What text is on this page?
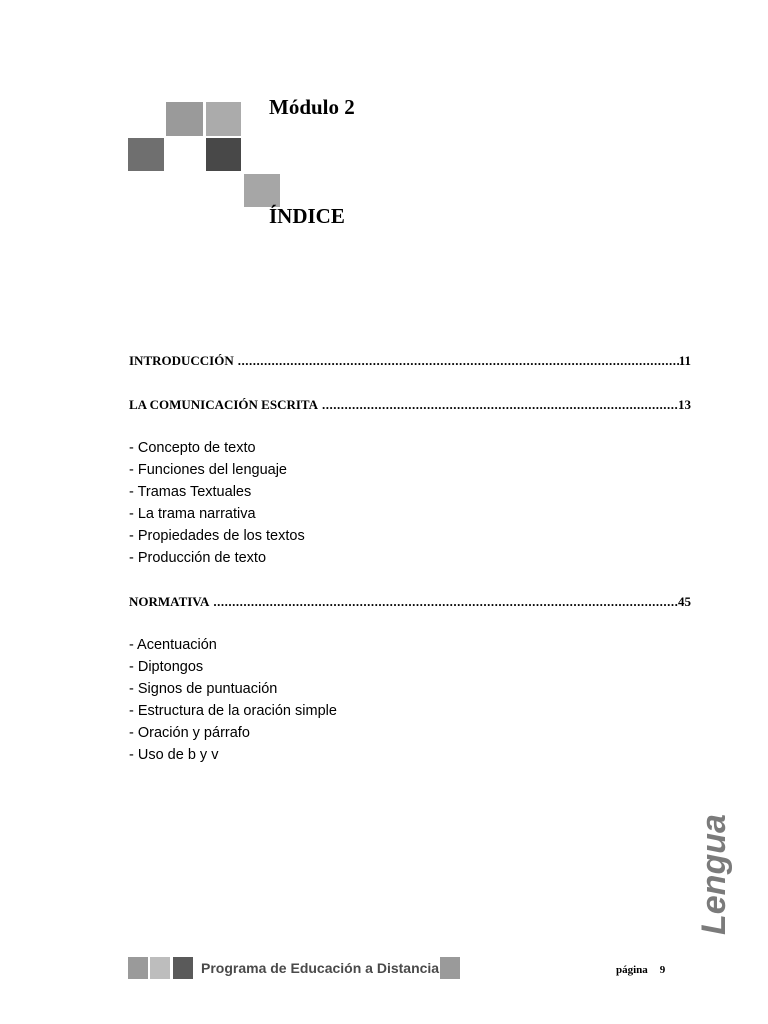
Módulo 2
ÍNDICE
INTRODUCCIÓN .....	11
LA COMUNICACIÓN ESCRITA .....	13
- Concepto de texto
- Funciones del lenguaje
- Tramas Textuales
- La trama narrativa
- Propiedades de los textos
- Producción de texto
NORMATIVA .....	45
- Acentuación
- Diptongos
- Signos de puntuación
- Estructura de la oración simple
- Oración y párrafo
- Uso de b y v
Lengua
Programa de Educación a Distancia	página 9
